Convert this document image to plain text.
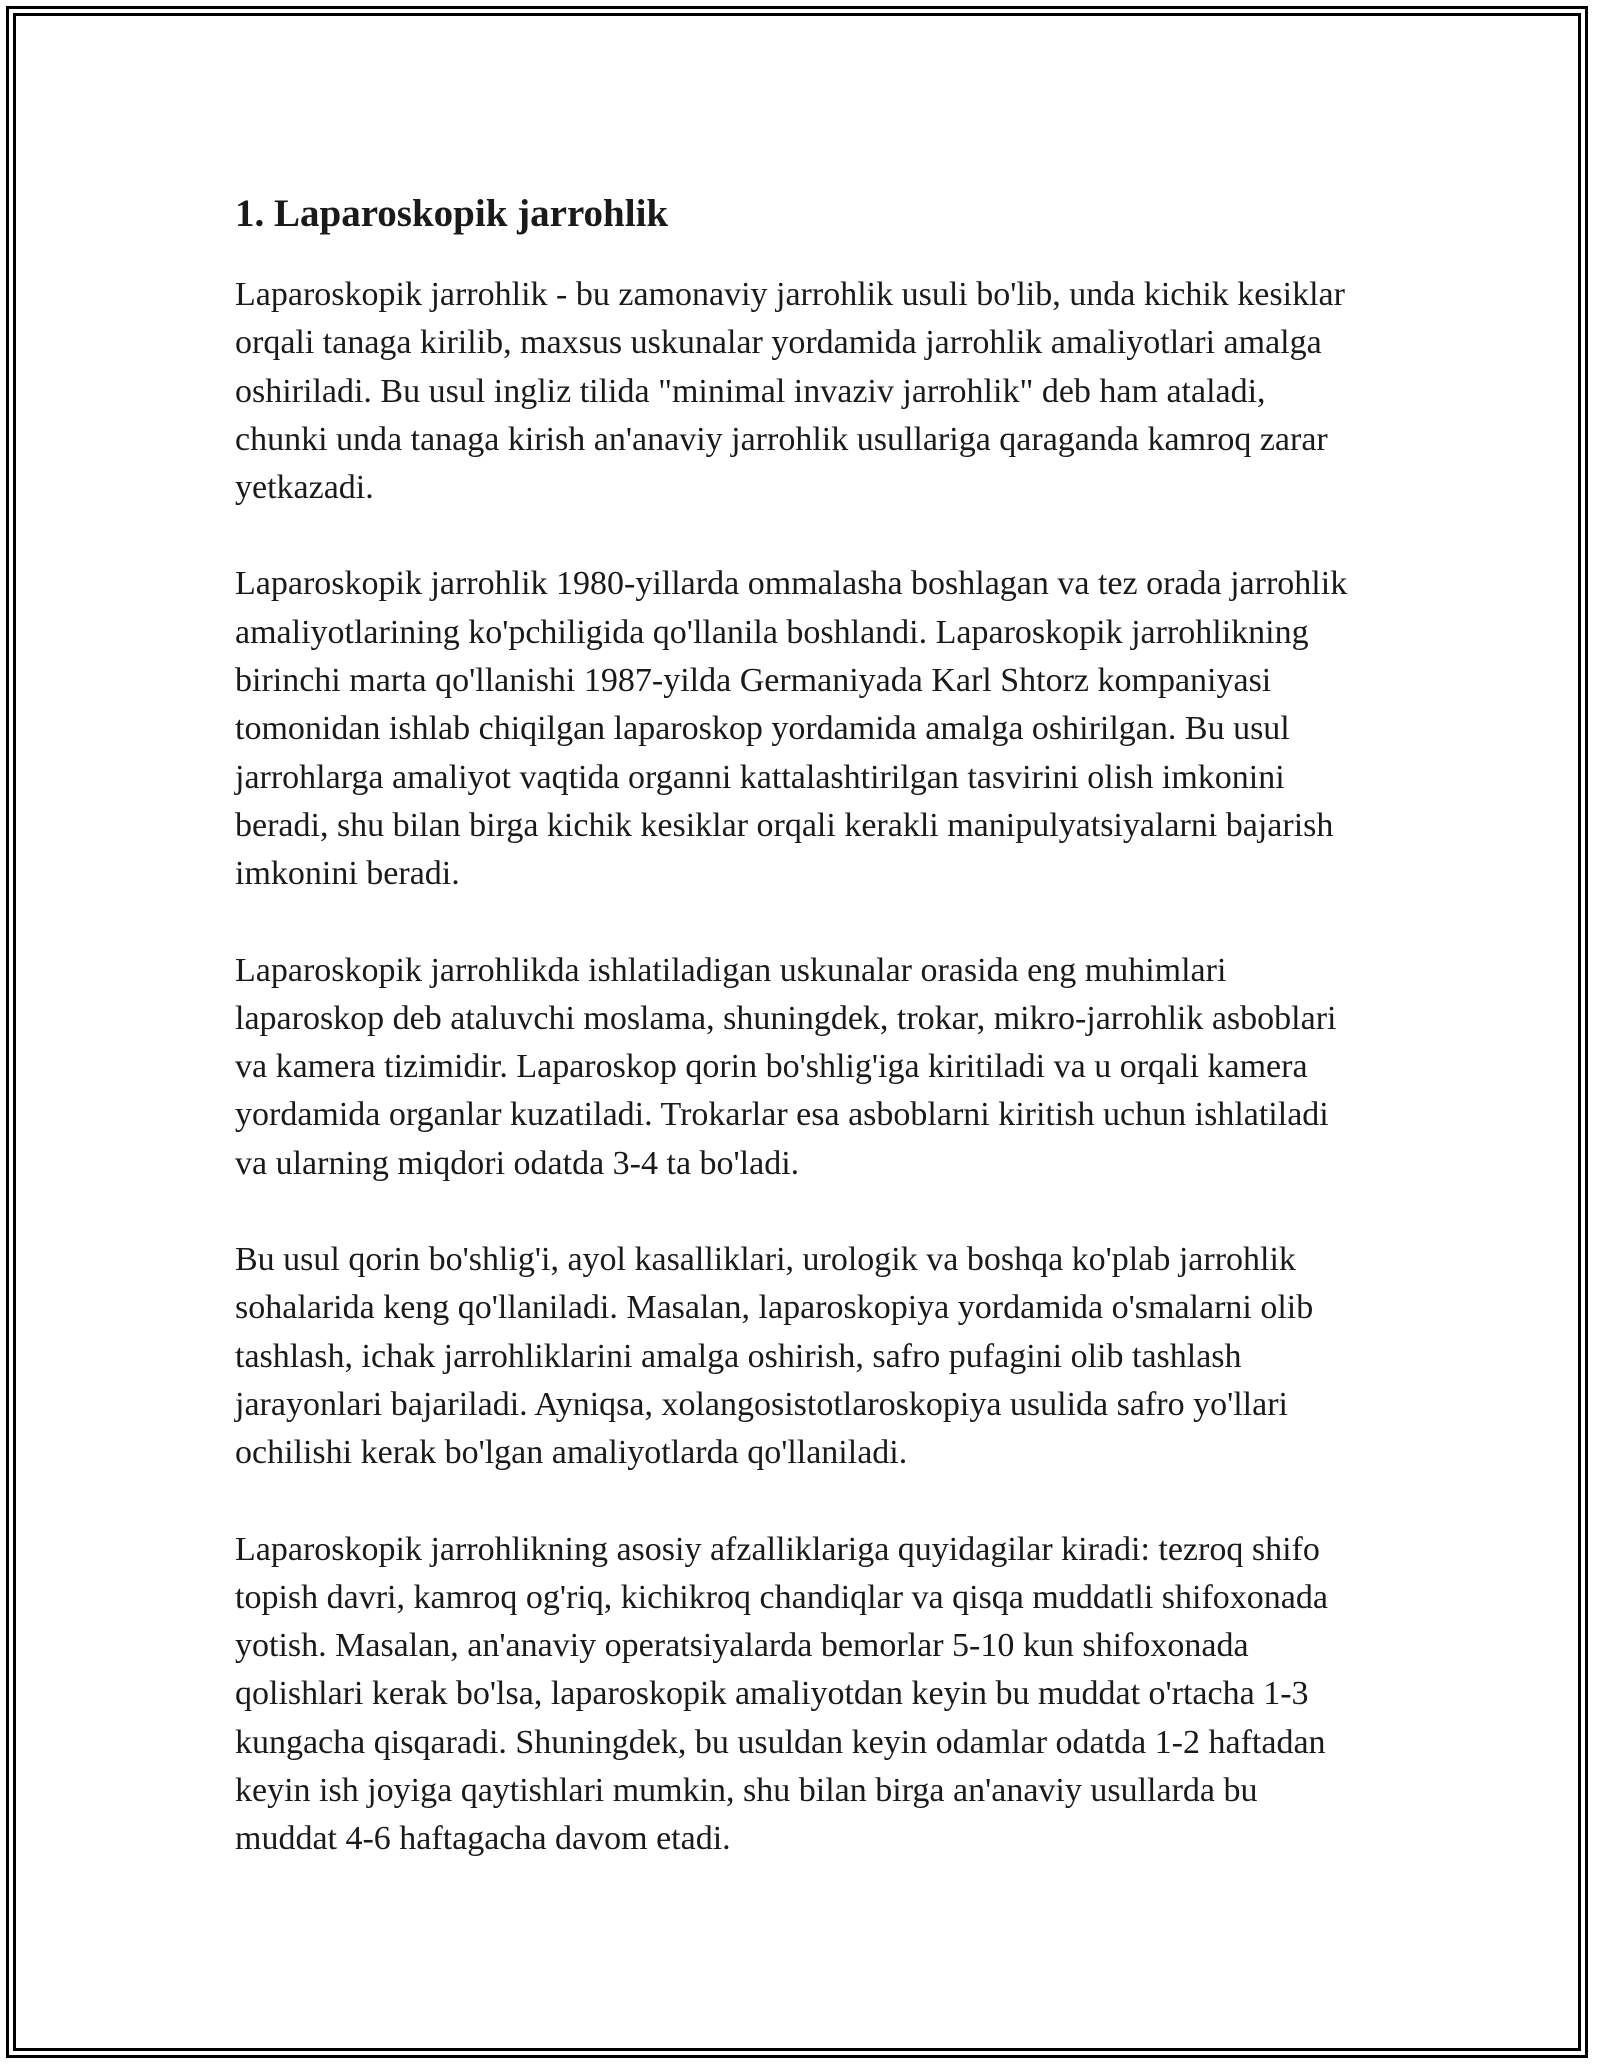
1. Laparoskopik jarrohlik

Laparoskopik jarrohlik - bu zamonaviy jarrohlik usuli bo'lib, unda kichik kesiklar orqali tanaga kirilib, maxsus uskunalar yordamida jarrohlik amaliyotlari amalga oshiriladi. Bu usul ingliz tilida "minimal invaziv jarrohlik" deb ham ataladi, chunki unda tanaga kirish an'anaviy jarrohlik usullariga qaraganda kamroq zarar yetkazadi.

Laparoskopik jarrohlik 1980-yillarda ommalasha boshlagan va tez orada jarrohlik amaliyotlarining ko'pchiligida qo'llanila boshlandi. Laparoskopik jarrohlikning birinchi marta qo'llanishi 1987-yilda Germaniyada Karl Shtorz kompaniyasi tomonidan ishlab chiqilgan laparoskop yordamida amalga oshirilgan. Bu usul jarrohlarga amaliyot vaqtida organni kattalashtirilgan tasvirini olish imkonini beradi, shu bilan birga kichik kesiklar orqali kerakli manipulyatsiyalarni bajarish imkonini beradi.

Laparoskopik jarrohlikda ishlatiladigan uskunalar orasida eng muhimlari laparoskop deb ataluvchi moslama, shuningdek, trokar, mikro-jarrohlik asboblari va kamera tizimidir. Laparoskop qorin bo'shlig'iga kiritiladi va u orqali kamera yordamida organlar kuzatiladi. Trokarlar esa asboblarni kiritish uchun ishlatiladi va ularning miqdori odatda 3-4 ta bo'ladi.

Bu usul qorin bo'shlig'i, ayol kasalliklari, urologik va boshqa ko'plab jarrohlik sohalarida keng qo'llaniladi. Masalan, laparoskopiya yordamida o'smalarni olib tashlash, ichak jarrohliklarini amalga oshirish, safro pufagini olib tashlash jarayonlari bajariladi. Ayniqsa, xolangosistotlaroskopiya usulida safro yo'llari ochilishi kerak bo'lgan amaliyotlarda qo'llaniladi.

Laparoskopik jarrohlikning asosiy afzalliklariga quyidagilar kiradi: tezroq shifo topish davri, kamroq og'riq, kichikroq chandiqlar va qisqa muddatli shifoxonada yotish. Masalan, an'anaviy operatsiyalarda bemorlar 5-10 kun shifoxonada qolishlari kerak bo'lsa, laparoskopik amaliyotdan keyin bu muddat o'rtacha 1-3 kungacha qisqaradi. Shuningdek, bu usuldan keyin odamlar odatda 1-2 haftadan keyin ish joyiga qaytishlari mumkin, shu bilan birga an'anaviy usullarda bu muddat 4-6 haftagacha davom etadi.
